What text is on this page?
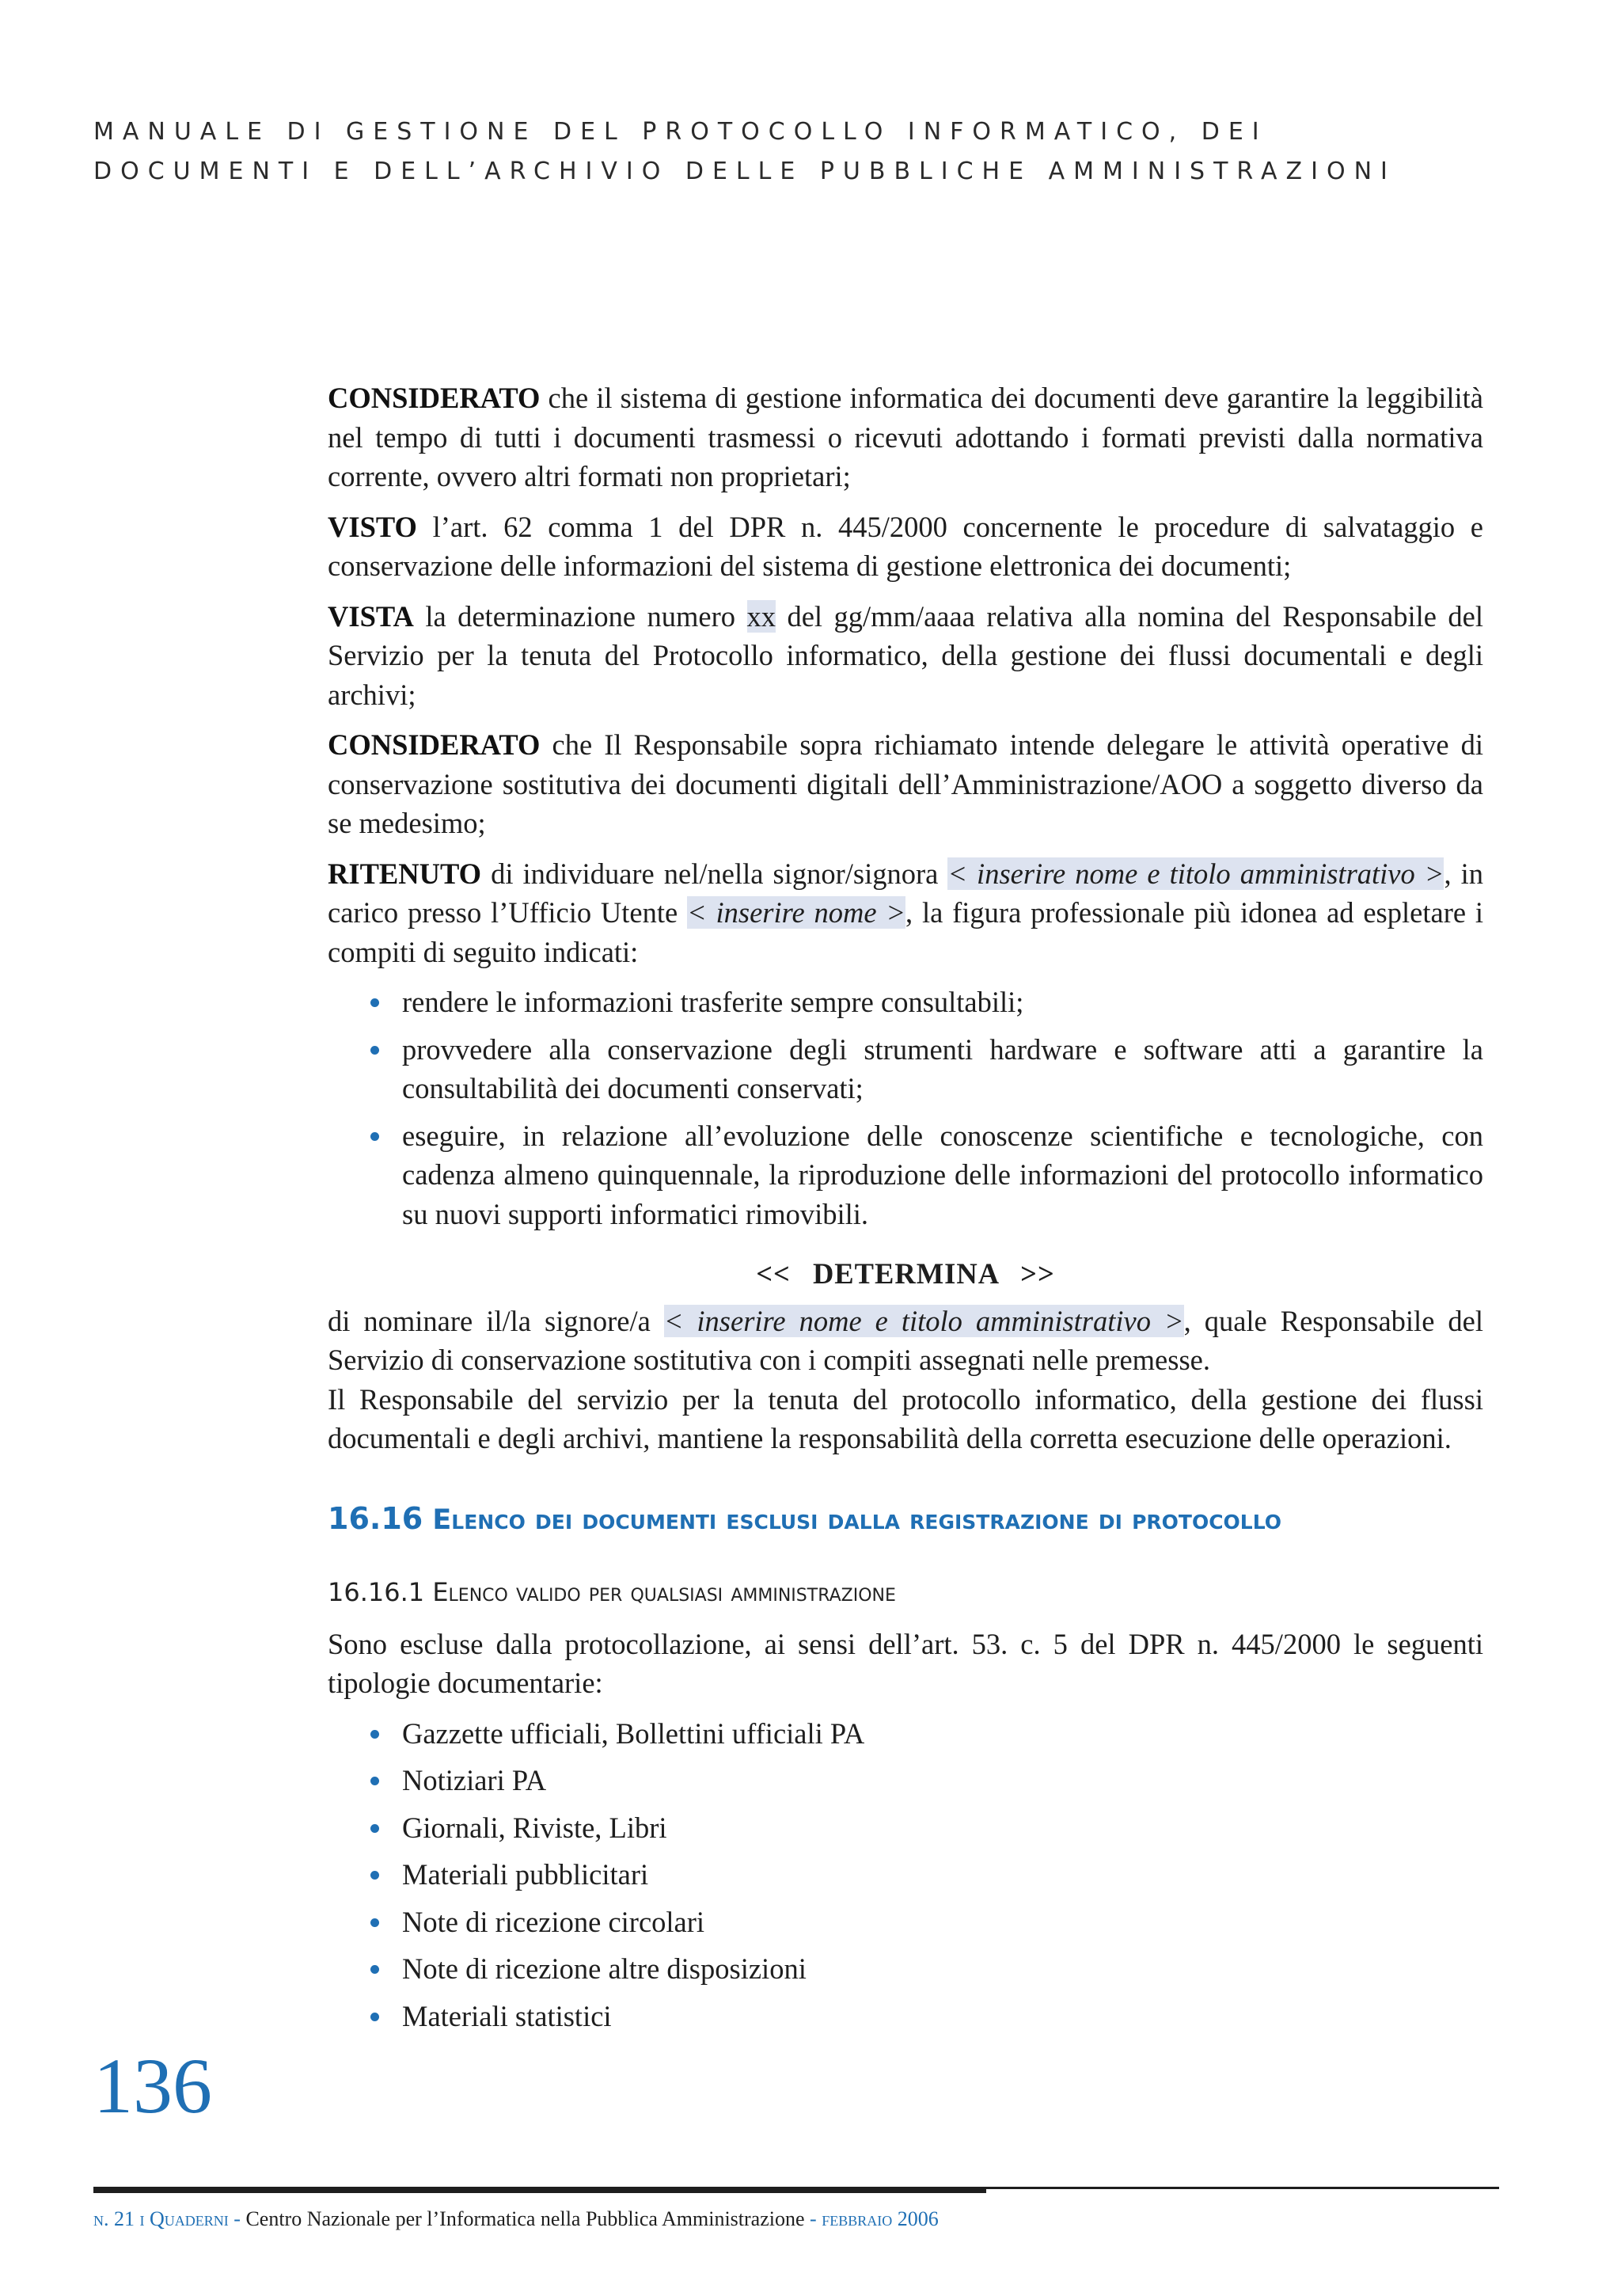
MANUALE DI GESTIONE DEL PROTOCOLLO INFORMATICO, DEI
DOCUMENTI E DELL’ARCHIVIO DELLE PUBBLICHE AMMINISTRAZIONI

CONSIDERATO che il sistema di gestione informatica dei documenti deve garantire la leggibilità nel tempo di tutti i documenti trasmessi o ricevuti adottando i formati previsti dalla normativa corrente, ovvero altri formati non proprietari;

VISTO l’art. 62 comma 1 del DPR n. 445/2000 concernente le procedure di salvataggio e conservazione delle informazioni del sistema di gestione elettronica dei documenti;

VISTA la determinazione numero xx del gg/mm/aaaa relativa alla nomina del Responsabile del Servizio per la tenuta del Protocollo informatico, della gestione dei flussi documentali e degli archivi;

CONSIDERATO che Il Responsabile sopra richiamato intende delegare le attività operative di conservazione sostitutiva dei documenti digitali dell’Amministrazione/AOO a soggetto diverso da se medesimo;

RITENUTO di individuare nel/nella signor/signora < inserire nome e titolo amministrativo >, in carico presso l’Ufficio Utente < inserire nome >, la figura professionale più idonea ad espletare i compiti di seguito indicati:

rendere le informazioni trasferite sempre consultabili;
provvedere alla conservazione degli strumenti hardware e software atti a garantire la consultabilità dei documenti conservati;
eseguire, in relazione all’evoluzione delle conoscenze scientifiche e tecnologiche, con cadenza almeno quinquennale, la riproduzione delle informazioni del protocollo informatico su nuovi supporti informatici rimovibili.
<< DETERMINA >>

di nominare il/la signore/a < inserire nome e titolo amministrativo >, quale Responsabile del Servizio di conservazione sostitutiva con i compiti assegnati nelle premesse.

Il Responsabile del servizio per la tenuta del protocollo informatico, della gestione dei flussi documentali e degli archivi, mantiene la responsabilità della corretta esecuzione delle operazioni.

16.16 Elenco dei documenti esclusi dalla registrazione di protocollo
16.16.1 Elenco valido per qualsiasi amministrazione

Sono escluse dalla protocollazione, ai sensi dell’art. 53. c. 5 del DPR n. 445/2000 le seguenti tipologie documentarie:

Gazzette ufficiali, Bollettini ufficiali PA
Notiziari PA
Giornali, Riviste, Libri
Materiali pubblicitari
Note di ricezione circolari
Note di ricezione altre disposizioni
Materiali statistici
136
n. 21 i Quaderni - Centro Nazionale per l’Informatica nella Pubblica Amministrazione - febbraio 2006
